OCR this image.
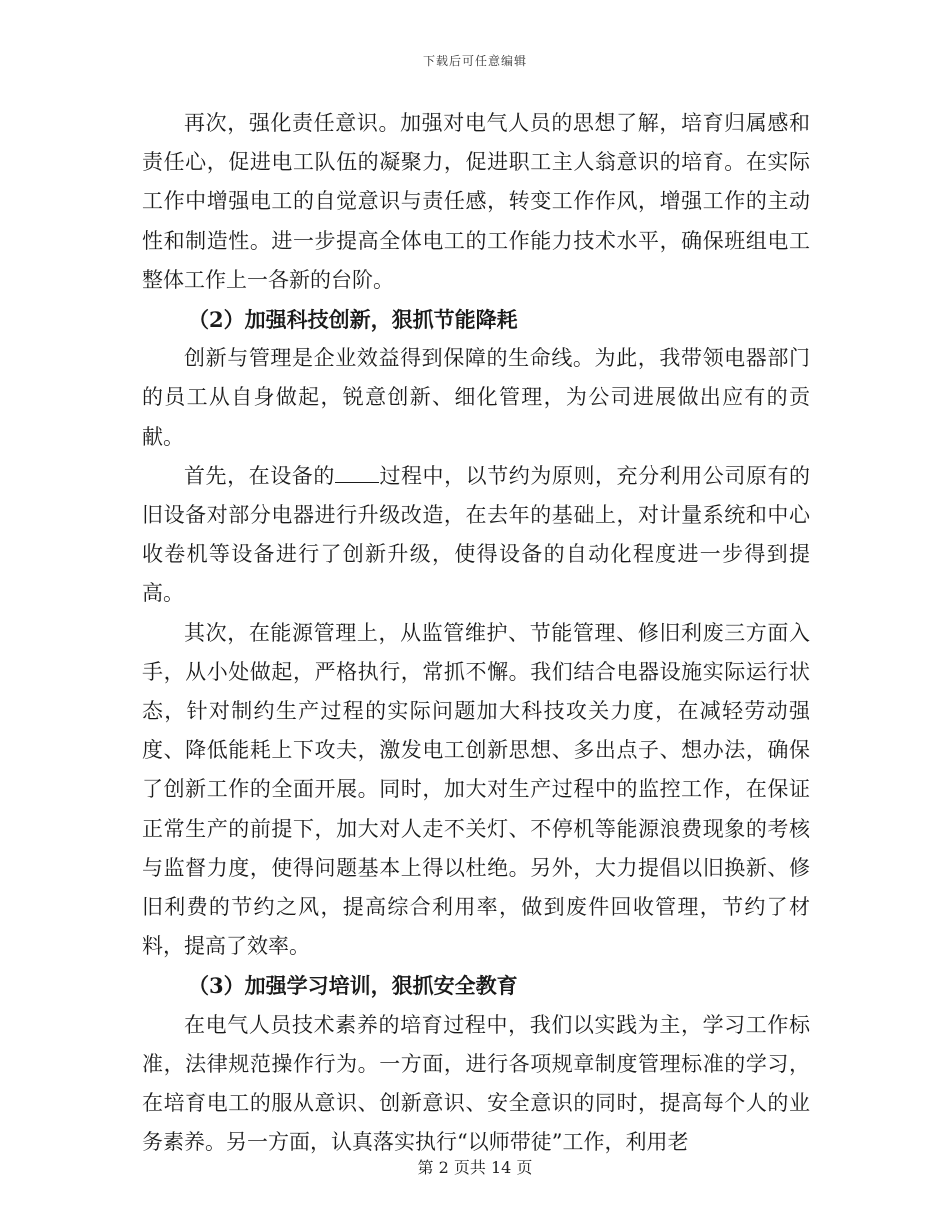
下载后可任意编辑

再次，强化责任意识。加强对电气人员的思想了解，培育归属感和责任心，促进电工队伍的凝聚力，促进职工主人翁意识的培育。在实际工作中增强电工的自觉意识与责任感，转变工作作风，增强工作的主动性和制造性。进一步提高全体电工的工作能力技术水平，确保班组电工整体工作上一各新的台阶。

（2）加强科技创新，狠抓节能降耗

创新与管理是企业效益得到保障的生命线。为此，我带领电器部门的员工从自身做起，锐意创新、细化管理，为公司进展做出应有的贡献。

首先，在设备的 过程中，以节约为原则，充分利用公司原有的旧设备对部分电器进行升级改造，在去年的基础上，对计量系统和中心收卷机等设备进行了创新升级，使得设备的自动化程度进一步得到提高。

其次，在能源管理上，从监管维护、节能管理、修旧利废三方面入手，从小处做起，严格执行，常抓不懈。我们结合电器设施实际运行状态，针对制约生产过程的实际问题加大科技攻关力度，在减轻劳动强度、降低能耗上下攻夫，激发电工创新思想、多出点子、想办法，确保了创新工作的全面开展。同时，加大对生产过程中的监控工作，在保证正常生产的前提下，加大对人走不关灯、不停机等能源浪费现象的考核与监督力度，使得问题基本上得以杜绝。另外，大力提倡以旧换新、修旧利费的节约之风，提高综合利用率，做到废件回收管理，节约了材料，提高了效率。

（3）加强学习培训，狠抓安全教育

在电气人员技术素养的培育过程中，我们以实践为主，学习工作标准，法律规范操作行为。一方面，进行各项规章制度管理标准的学习，在培育电工的服从意识、创新意识、安全意识的同时，提高每个人的业务素养。另一方面，认真落实执行“以师带徒”工作，利用老

第 2 页共 14 页
